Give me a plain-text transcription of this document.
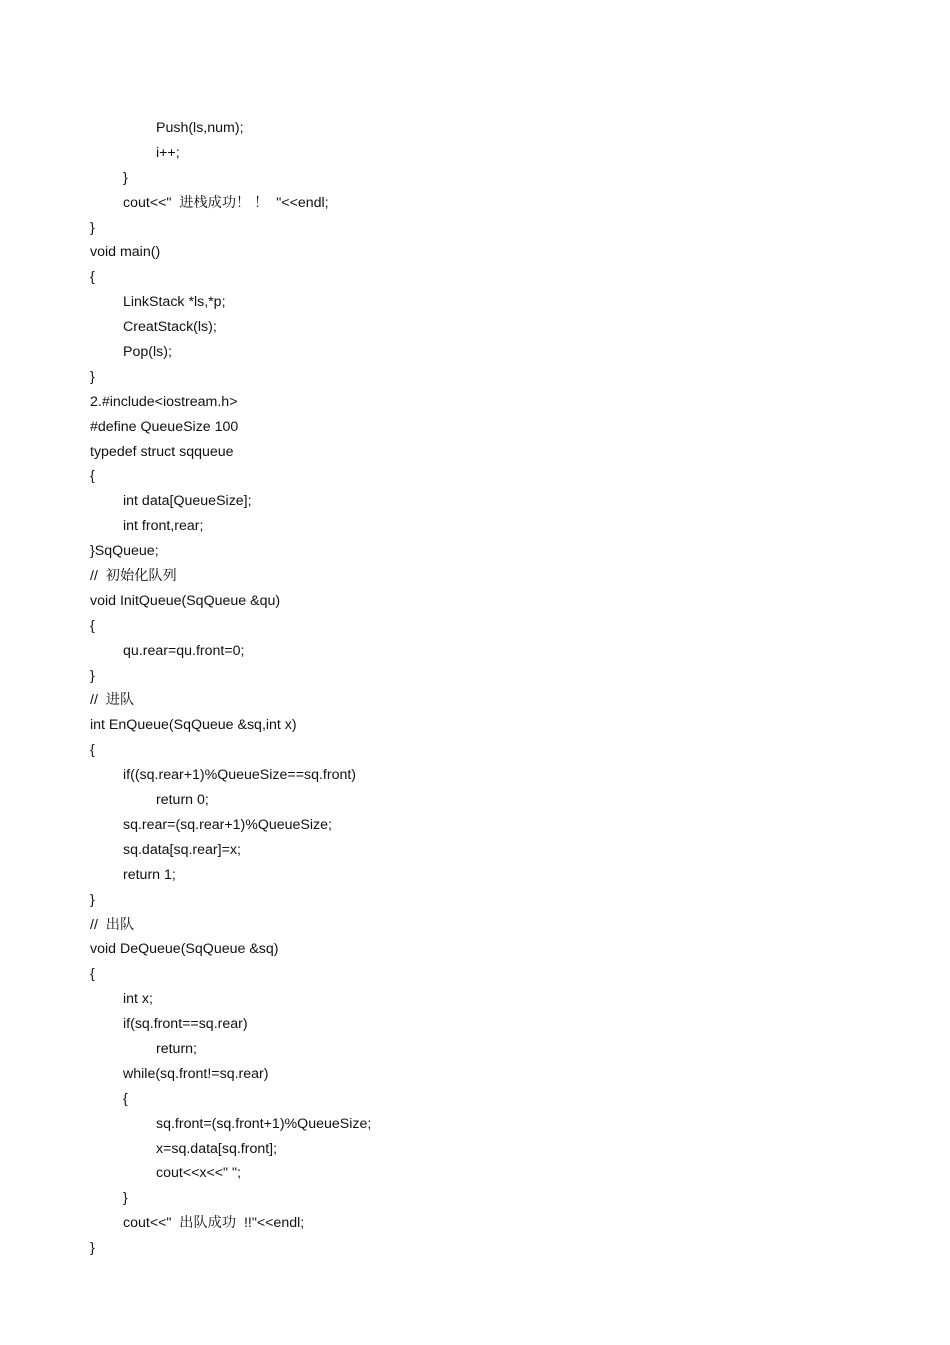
Push(ls,num);
i++;
}
cout<<"  进栈成功！ ！  "<<endl;
}
void main()
{
LinkStack *ls,*p;
CreatStack(ls);
Pop(ls);
}
2.#include<iostream.h>
#define QueueSize 100
typedef struct sqqueue
{
int data[QueueSize];
int front,rear;
}SqQueue;
//  初始化队列
void InitQueue(SqQueue &qu)
{
qu.rear=qu.front=0;
}
//  进队
int EnQueue(SqQueue &sq,int x)
{
if((sq.rear+1)%QueueSize==sq.front)
return 0;
sq.rear=(sq.rear+1)%QueueSize;
sq.data[sq.rear]=x;
return 1;
}
//  出队
void DeQueue(SqQueue &sq)
{
int x;
if(sq.front==sq.rear)
return;
while(sq.front!=sq.rear)
{
sq.front=(sq.front+1)%QueueSize;
x=sq.data[sq.front];
cout<<x<<" ";
}
cout<<"  出队成功  !!"<<endl;
}
